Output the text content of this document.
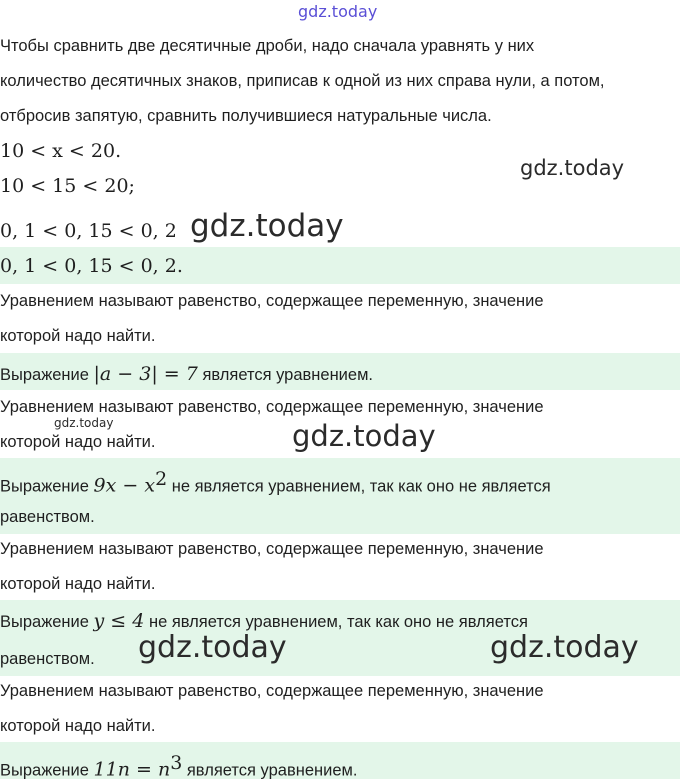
Чтобы сравнить две десятичные дроби, надо сначала уравнять у них
количество десятичных знаков, приписав к одной из них справа нули, а потом,
отбросив запятую, сравнить получившиеся натуральные числа.
10 < x < 20.
10 < 15 < 20;
0, 1 < 0, 15 < 0, 2
0, 1 < 0, 15 < 0, 2.
Уравнением называют равенство, содержащее переменную, значение
которой надо найти.
Выражение |a − 3| = 7 является уравнением.
Уравнением называют равенство, содержащее переменную, значение
которой надо найти.
Выражение $9x - x^2$ не является уравнением, так как оно не является
равенством.
Уравнением называют равенство, содержащее переменную, значение
которой надо найти.
Выражение y ≤ 4 не является уравнением, так как оно не является
равенством.
Уравнением называют равенство, содержащее переменную, значение
которой надо найти.
Выражение $11n = n^3$ является уравнением.
gdz.today
gdz.today
gdz.today
gdz.today	gdz.today
gdz.today	gdz.today
